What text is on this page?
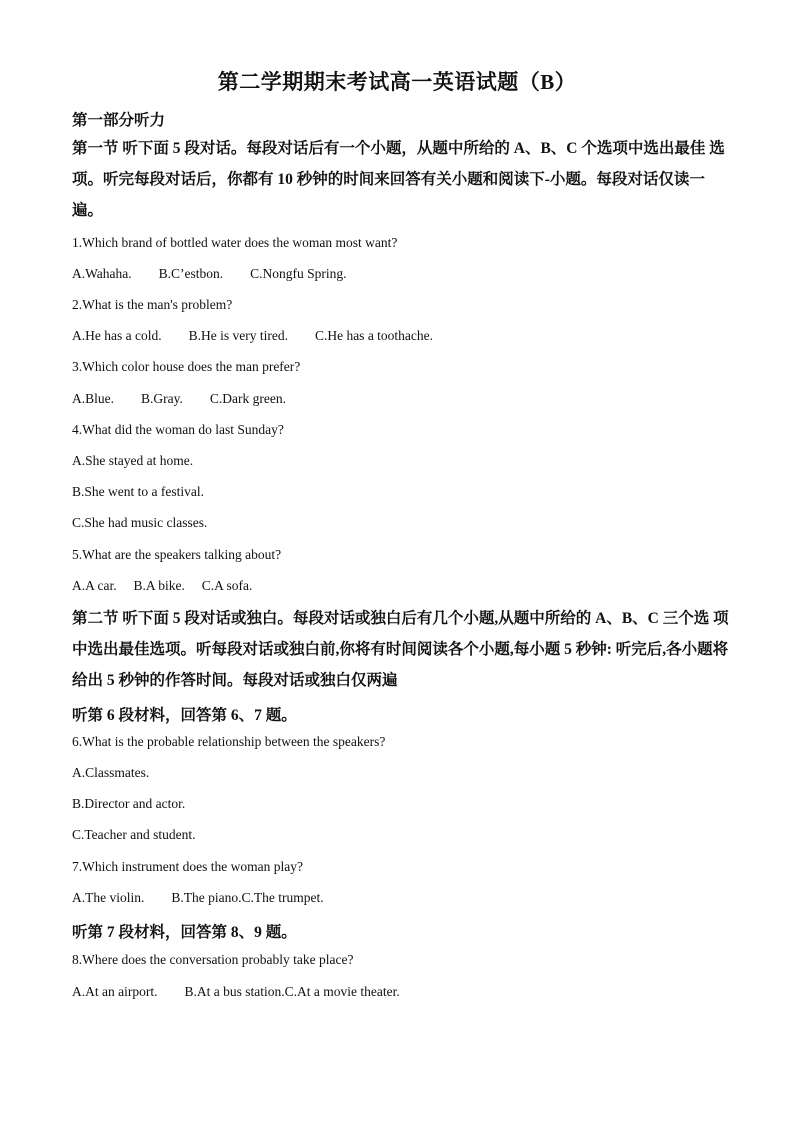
第二学期期末考试高一英语试题（B）
第一部分听力
第一节 听下面 5 段对话。每段对话后有一个小题，从题中所给的 A、B、C 个选项中选出最佳 选项。听完每段对话后，你都有 10 秒钟的时间来回答有关小题和阅读下-小题。每段对话仅读一遍。
1.Which brand of bottled water does the woman most want?
A.Wahaha.        B.C’estbon.        C.Nongfu Spring.
2.What is the man's problem?
A.He has a cold.        B.He is very tired.        C.He has a toothache.
3.Which color house does the man prefer?
A.Blue.        B.Gray.        C.Dark green.
4.What did the woman do last Sunday?
A.She stayed at home.
B.She went to a festival.
C.She had music classes.
5.What are the speakers talking about?
A.A car.     B.A bike.     C.A sofa.
第二节 听下面 5 段对话或独白。每段对话或独白后有几个小题,从题中所给的 A、B、C 三个选 项中选出最佳选项。听每段对话或独白前,你将有时间阅读各个小题,每小题 5 秒钟: 听完后,各小题将给出 5 秒钟的作答时间。每段对话或独白仅两遍
听第 6 段材料，回答第 6、7 题。
6.What is the probable relationship between the speakers?
A.Classmates.
B.Director and actor.
C.Teacher and student.
7.Which instrument does the woman play?
A.The violin.        B.The piano.C.The trumpet.
听第 7 段材料，回答第 8、9 题。
8.Where does the conversation probably take place?
A.At an airport.        B.At a bus station.C.At a movie theater.
